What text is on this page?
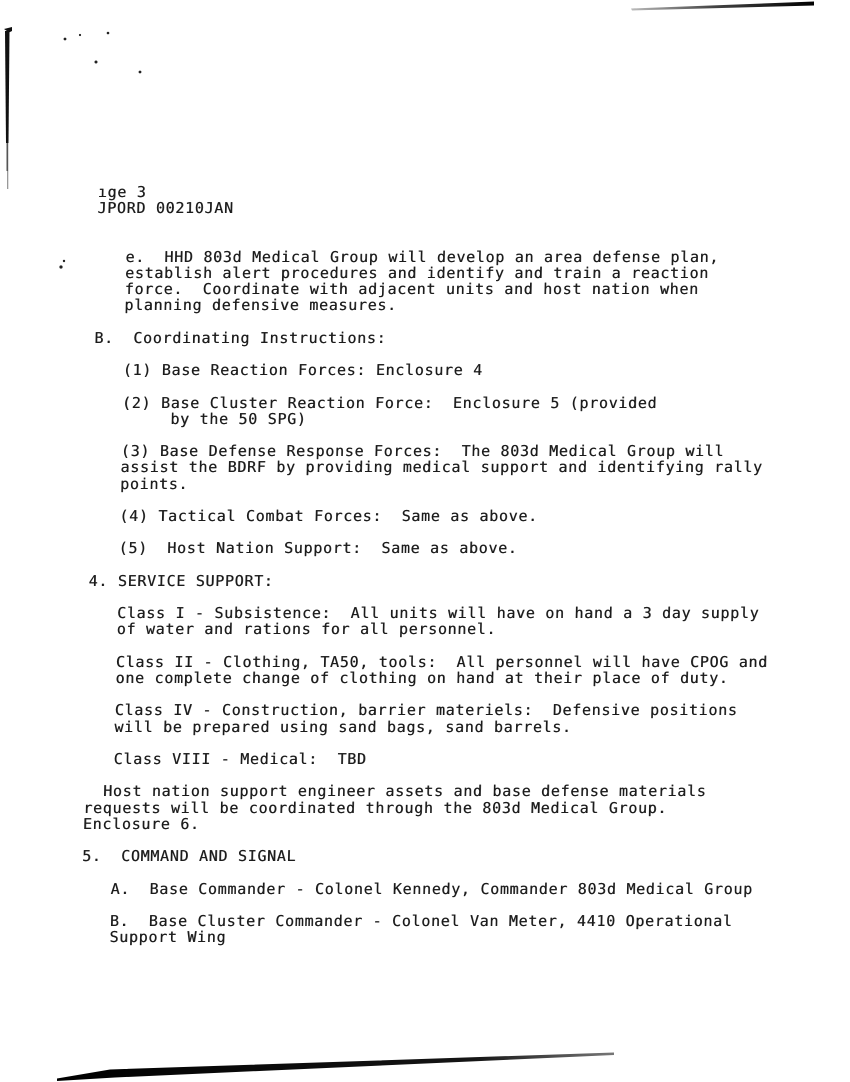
ıge 3
JPORD 00210JAN
e.  HHD 803d Medical Group will develop an area defense plan,
establish alert procedures and identify and train a reaction
force.  Coordinate with adjacent units and host nation when
planning defensive measures.
B.  Coordinating Instructions:
(1) Base Reaction Forces: Enclosure 4
(2) Base Cluster Reaction Force:  Enclosure 5 (provided
by the 50 SPG)
(3) Base Defense Response Forces:  The 803d Medical Group will
assist the BDRF by providing medical support and identifying rally
points.
(4) Tactical Combat Forces:  Same as above.
(5)  Host Nation Support:  Same as above.
4. SERVICE SUPPORT:
Class I - Subsistence:  All units will have on hand a 3 day supply
of water and rations for all personnel.
Class II - Clothing, TA50, tools:  All personnel will have CPOG and
one complete change of clothing on hand at their place of duty.
Class IV - Construction, barrier materiels:  Defensive positions
will be prepared using sand bags, sand barrels.
Class VIII - Medical:  TBD
Host nation support engineer assets and base defense materials
requests will be coordinated through the 803d Medical Group.
Enclosure 6.
5.  COMMAND AND SIGNAL
A.  Base Commander - Colonel Kennedy, Commander 803d Medical Group
B.  Base Cluster Commander - Colonel Van Meter, 4410 Operational
Support Wing
